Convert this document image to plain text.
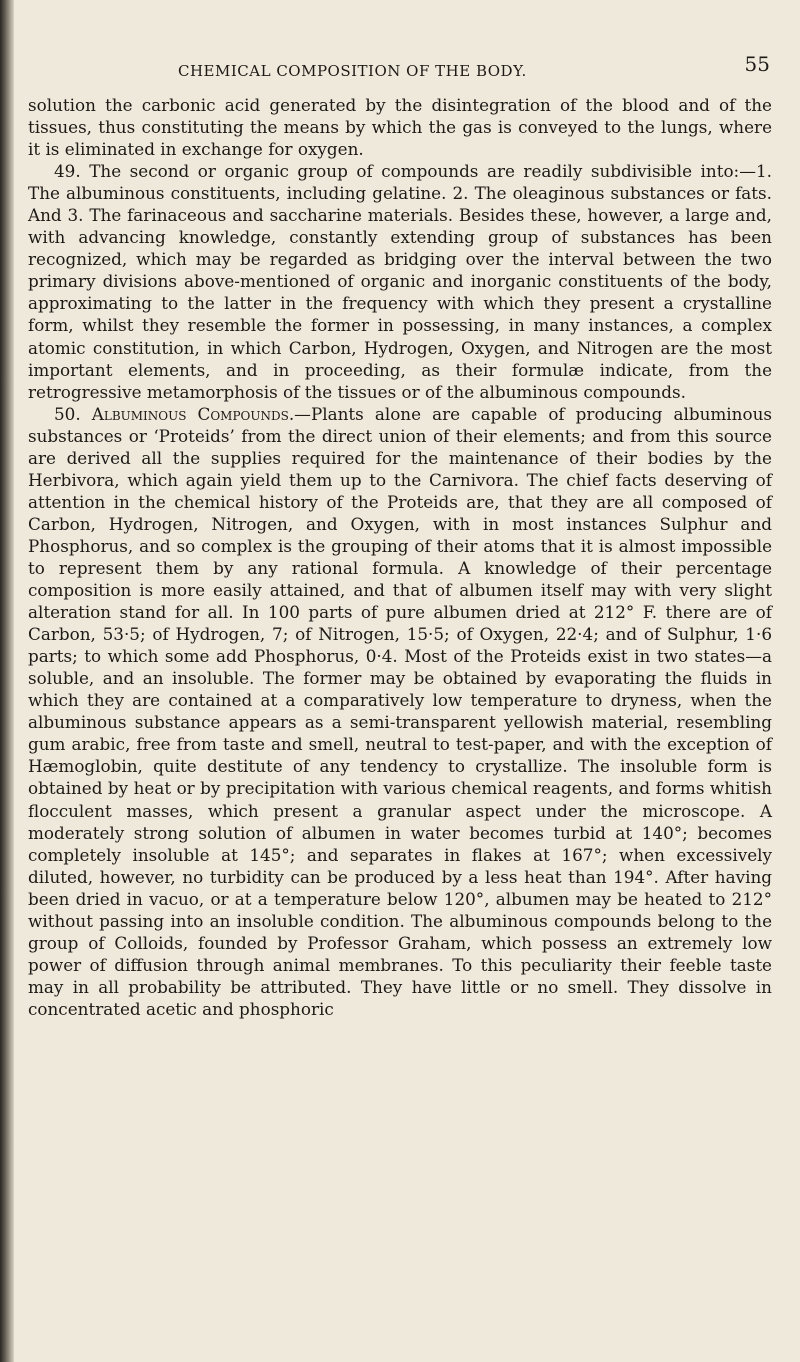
CHEMICAL COMPOSITION OF THE BODY.	55

solution the carbonic acid generated by the disintegration of the blood and of the tissues, thus constituting the means by which the gas is conveyed to the lungs, where it is eliminated in exchange for oxygen.

49. The second or organic group of compounds are readily subdivisible into:—1. The albuminous constituents, including gelatine. 2. The oleaginous substances or fats. And 3. The farinaceous and saccharine materials. Besides these, however, a large and, with advancing knowledge, constantly extending group of substances has been recognized, which may be regarded as bridging over the interval between the two primary divisions above-mentioned of organic and inorganic constituents of the body, approximating to the latter in the frequency with which they present a crystalline form, whilst they resemble the former in possessing, in many instances, a complex atomic constitution, in which Carbon, Hydrogen, Oxygen, and Nitrogen are the most important elements, and in proceeding, as their formulæ indicate, from the retrogressive metamorphosis of the tissues or of the albuminous compounds.

50. Albuminous Compounds.—Plants alone are capable of producing albuminous substances or ‘Proteids’ from the direct union of their elements; and from this source are derived all the supplies required for the maintenance of their bodies by the Herbivora, which again yield them up to the Carnivora. The chief facts deserving of attention in the chemical history of the Proteids are, that they are all composed of Carbon, Hydrogen, Nitrogen, and Oxygen, with in most instances Sulphur and Phosphorus, and so complex is the grouping of their atoms that it is almost impossible to represent them by any rational formula. A knowledge of their percentage composition is more easily attained, and that of albumen itself may with very slight alteration stand for all. In 100 parts of pure albumen dried at 212° F. there are of Carbon, 53·5; of Hydrogen, 7; of Nitrogen, 15·5; of Oxygen, 22·4; and of Sulphur, 1·6 parts; to which some add Phosphorus, 0·4. Most of the Proteids exist in two states—a soluble, and an insoluble. The former may be obtained by evaporating the fluids in which they are contained at a comparatively low temperature to dryness, when the albuminous substance appears as a semi-transparent yellowish material, resembling gum arabic, free from taste and smell, neutral to test-paper, and with the exception of Hæmoglobin, quite destitute of any tendency to crystallize. The insoluble form is obtained by heat or by precipitation with various chemical reagents, and forms whitish flocculent masses, which present a granular aspect under the microscope. A moderately strong solution of albumen in water becomes turbid at 140°; becomes completely insoluble at 145°; and separates in flakes at 167°; when excessively diluted, however, no turbidity can be produced by a less heat than 194°. After having been dried in vacuo, or at a temperature below 120°, albumen may be heated to 212° without passing into an insoluble condition. The albuminous compounds belong to the group of Colloids, founded by Professor Graham, which possess an extremely low power of diffusion through animal membranes. To this peculiarity their feeble taste may in all probability be attributed. They have little or no smell. They dissolve in concentrated acetic and phosphoric
